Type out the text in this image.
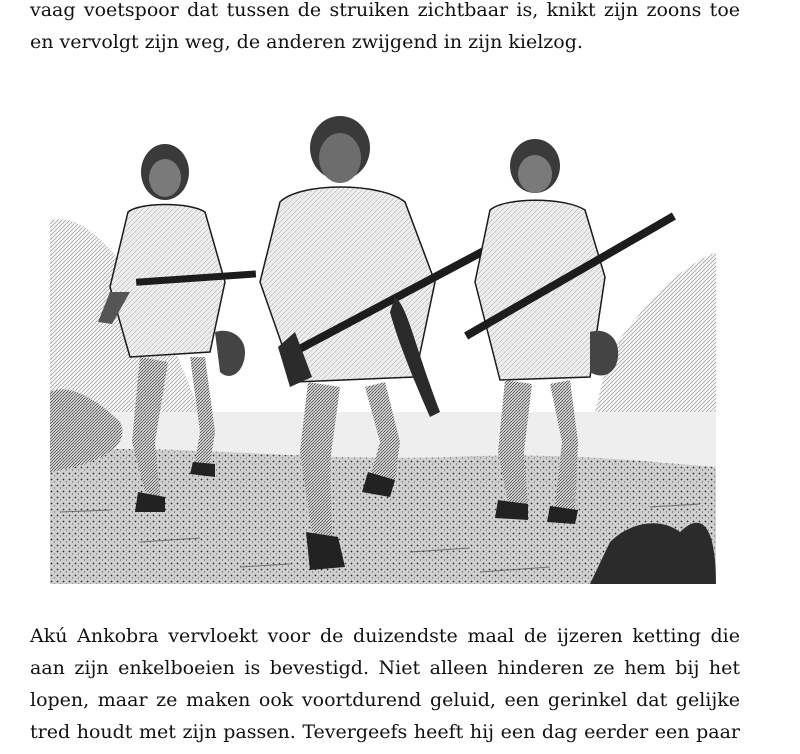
vaag voetspoor dat tussen de struiken zichtbaar is, knikt zijn zoons toe
en vervolgt zijn weg, de anderen zwijgend in zijn kielzog.

Akú Ankobra vervloekt voor de duizendste maal de ijzeren ketting die
aan zijn enkelboeien is bevestigd. Niet alleen hinderen ze hem bij het
lopen, maar ze maken ook voortdurend geluid, een gerinkel dat gelijke
tred houdt met zijn passen. Tevergeefs heeft hij een dag eerder een paar
